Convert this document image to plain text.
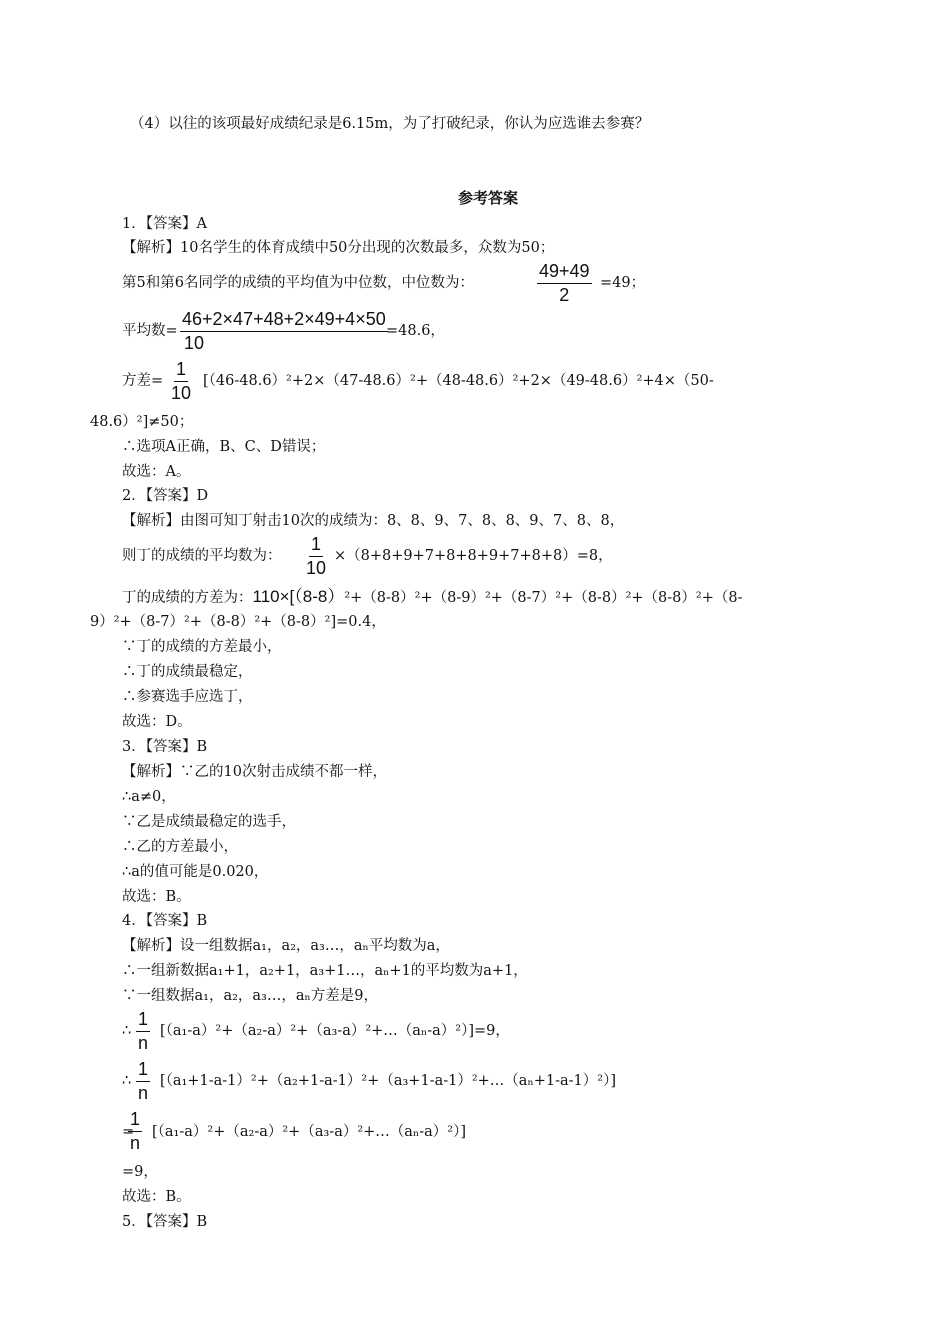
（4）以往的该项最好成绩纪录是6.15m，为了打破纪录，你认为应选谁去参赛？
参考答案
1．【答案】A
【解析】10名学生的体育成绩中50分出现的次数最多，众数为50；
第5和第6名同学的成绩的平均值为中位数，中位数为：	$\frac{49+49}{2} =49$；
平均数= $\frac{46+2\times 47+48+2\times 49+4\times 50}{10}$
=48.6，
方差= $\frac{1}{10} [(46-48.6)^2+2\times(47-48.6)^2+(48-48.6)^2+2\times(49-48.6)^2+4\times(50-$
48.6）²]≠50；
∴选项A正确，B、C、D错误；
故选：A。
2．【答案】D
【解析】由图可知丁射击10次的成绩为：8、8、9、7、8、8、9、7、8、8，
则丁的成绩的平均数为： $\frac{1}{10} \times(8+8+9+7+8+8+9+7+8+8)=8$，
丁的成绩的方差为：110×[（8-8）²+（8-8）²+（8-9）²+（8-7）²+（8-8）²+（8-8）²+（8-
9）²+（8-7）²+（8-8）²+（8-8）²]=0.4，
∵丁的成绩的方差最小，
∴丁的成绩最稳定，
∴参赛选手应选丁，
故选：D。
3．【答案】B
【解析】∵乙的10次射击成绩不都一样，
∴a≠0，
∵乙是成绩最稳定的选手，
∴乙的方差最小，
∴a的值可能是0.020，
故选：B。
4．【答案】B
【解析】设一组数据a₁，a₂，a₃…，aₙ平均数为a，
∴一组新数据a₁+1，a₂+1，a₃+1…，aₙ+1的平均数为a+1，
∵一组数据a₁，a₂，a₃…，aₙ方差是9，
∴ $\frac{1}{n}$ [（a₁-a）²+（a₂-a）²+（a₃-a）²+…（aₙ-a）²）]=9，
∴ $\frac{1}{n}$ [（a₁+1-a-1）²+（a₂+1-a-1）²+（a₃+1-a-1）²+…（aₙ+1-a-1）²）]
=
$\frac{1}{n}$ [（a₁-a）²+（a₂-a）²+（a₃-a）²+…（aₙ-a）²）]
=9，
故选：B。
5．【答案】B
